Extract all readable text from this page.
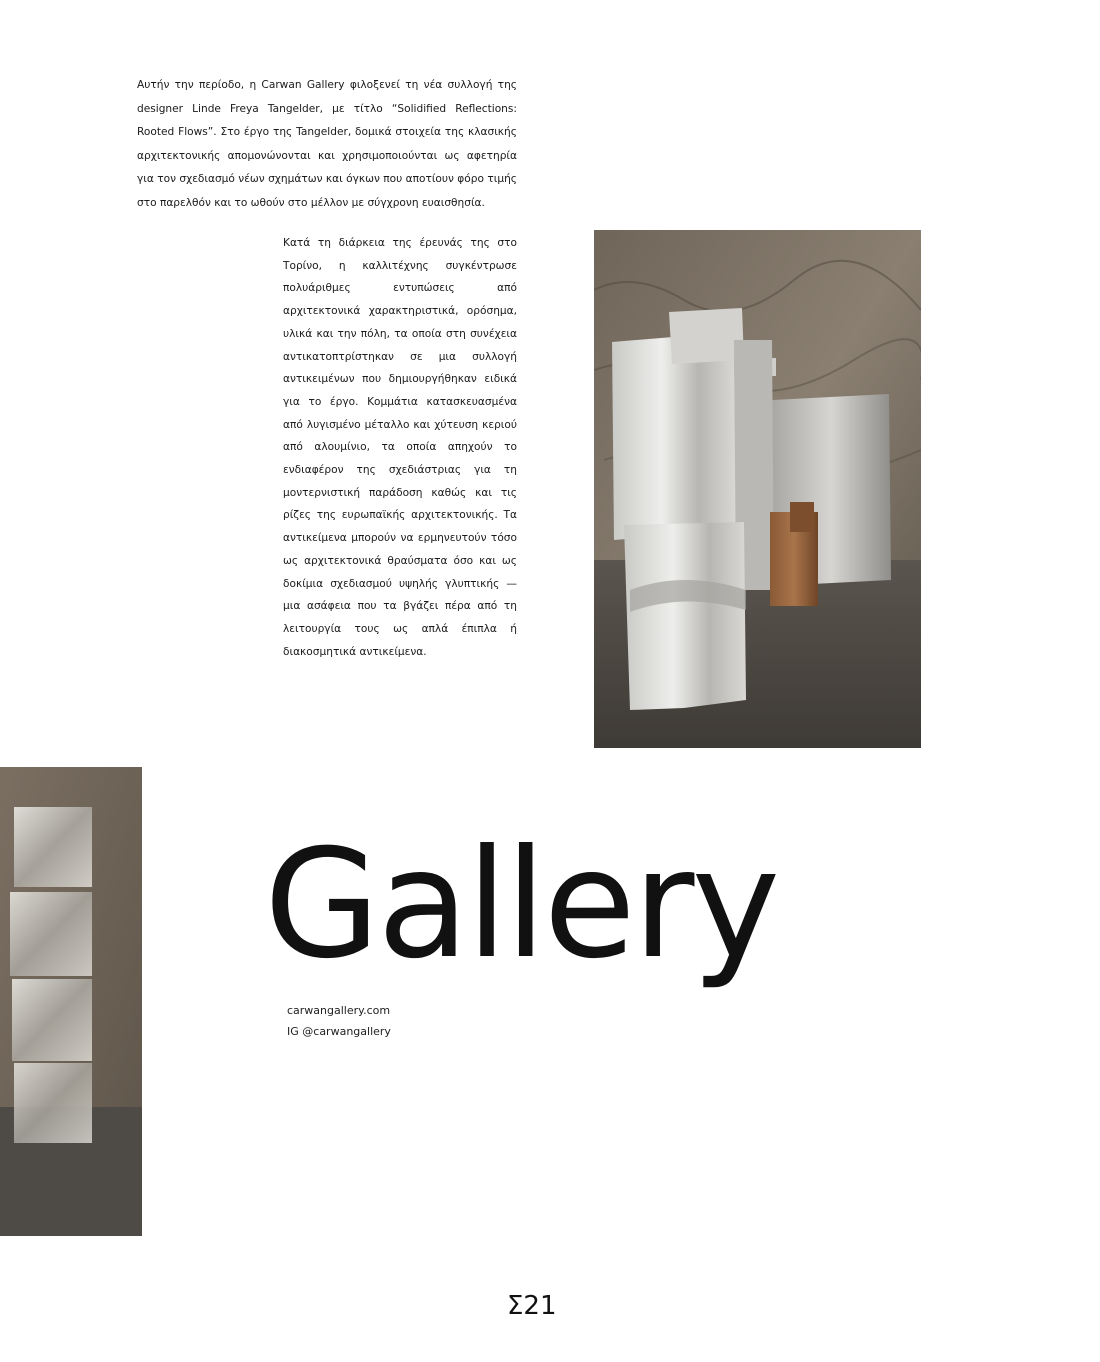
Αυτήν την περίοδο, η Carwan Gallery φιλοξενεί τη νέα συλλογή της designer Linde Freya Tangelder, με τίτλο “Solidified Reflections: Rooted Flows”. Στο έργο της Tangelder, δομικά στοιχεία της κλασικής αρχιτεκτονικής απομονώνονται και χρησιμοποιούνται ως αφετηρία για τον σχεδιασμό νέων σχημάτων και όγκων που αποτίουν φόρο τιμής στο παρελθόν και το ωθούν στο μέλλον με σύγχρονη ευαισθησία.

Κατά τη διάρκεια της έρευνάς της στο Τορίνο, η καλλιτέχνης συγκέντρωσε πολυάριθμες εντυπώσεις από αρχιτεκτονικά χαρακτηριστικά, ορόσημα, υλικά και την πόλη, τα οποία στη συνέχεια αντικατοπτρίστηκαν σε μια συλλογή αντικειμένων που δημιουργήθηκαν ειδικά για το έργο. Κομμάτια κατασκευασμένα από λυγισμένο μέταλλο και χύτευση κεριού από αλουμίνιο, τα οποία απηχούν το ενδιαφέρον της σχεδιάστριας για τη μοντερνιστική παράδοση καθώς και τις ρίζες της ευρωπαϊκής αρχιτεκτονικής. Τα αντικείμενα μπορούν να ερμηνευτούν τόσο ως αρχιτεκτονικά θραύσματα όσο και ως δοκίμια σχεδιασμού υψηλής γλυπτικής — μια ασάφεια που τα βγάζει πέρα από τη λειτουργία τους ως απλά έπιπλα ή διακοσμητικά αντικείμενα.

Gallery
carwangallery.com
IG @carwangallery
Σ21
